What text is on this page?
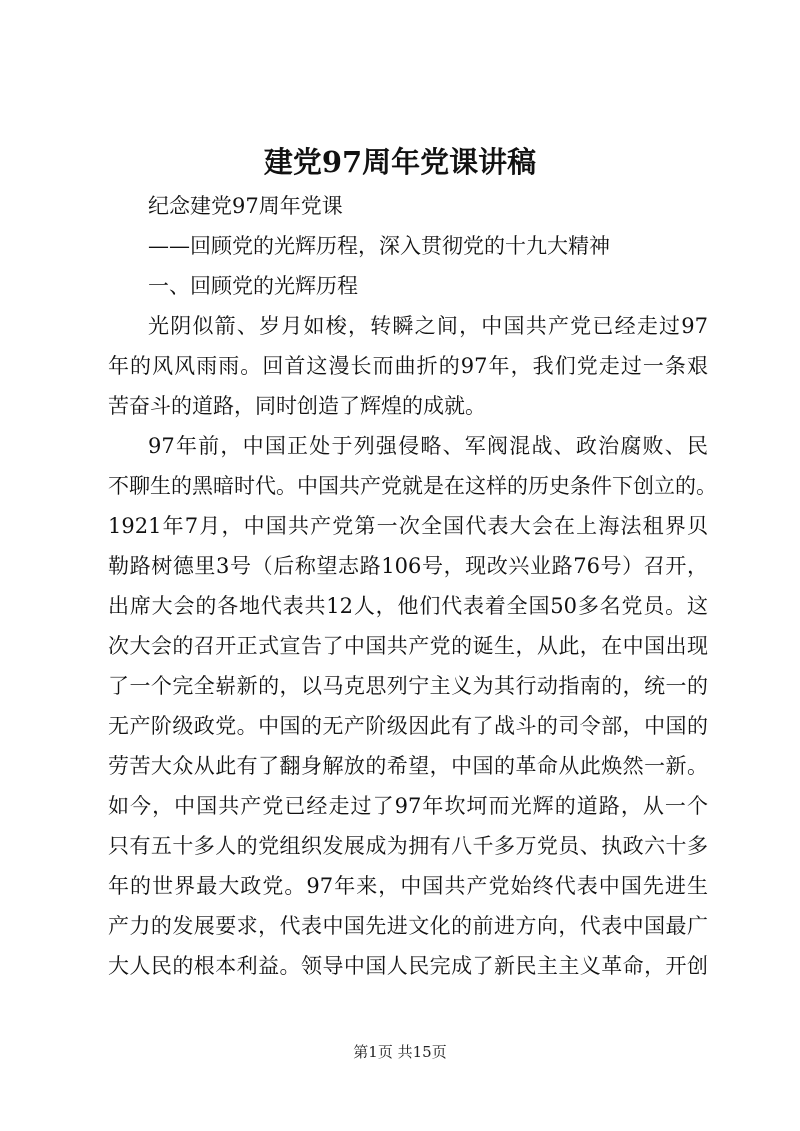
建党97周年党课讲稿

纪念建党97周年党课

——回顾党的光辉历程，深入贯彻党的十九大精神

一、回顾党的光辉历程

光阴似箭、岁月如梭，转瞬之间，中国共产党已经走过97

年的风风雨雨。回首这漫长而曲折的97年，我们党走过一条艰

苦奋斗的道路，同时创造了辉煌的成就。

97年前，中国正处于列强侵略、军阀混战、政治腐败、民

不聊生的黑暗时代。中国共产党就是在这样的历史条件下创立的。

1921年7月，中国共产党第一次全国代表大会在上海法租界贝

勒路树德里3号（后称望志路106号，现改兴业路76号）召开，

出席大会的各地代表共12人，他们代表着全国50多名党员。这

次大会的召开正式宣告了中国共产党的诞生，从此，在中国出现

了一个完全崭新的，以马克思列宁主义为其行动指南的，统一的

无产阶级政党。中国的无产阶级因此有了战斗的司令部，中国的

劳苦大众从此有了翻身解放的希望，中国的革命从此焕然一新。

如今，中国共产党已经走过了97年坎坷而光辉的道路，从一个

只有五十多人的党组织发展成为拥有八千多万党员、执政六十多

年的世界最大政党。97年来，中国共产党始终代表中国先进生

产力的发展要求，代表中国先进文化的前进方向，代表中国最广

大人民的根本利益。领导中国人民完成了新民主主义革命，开创

第1页 共15页
